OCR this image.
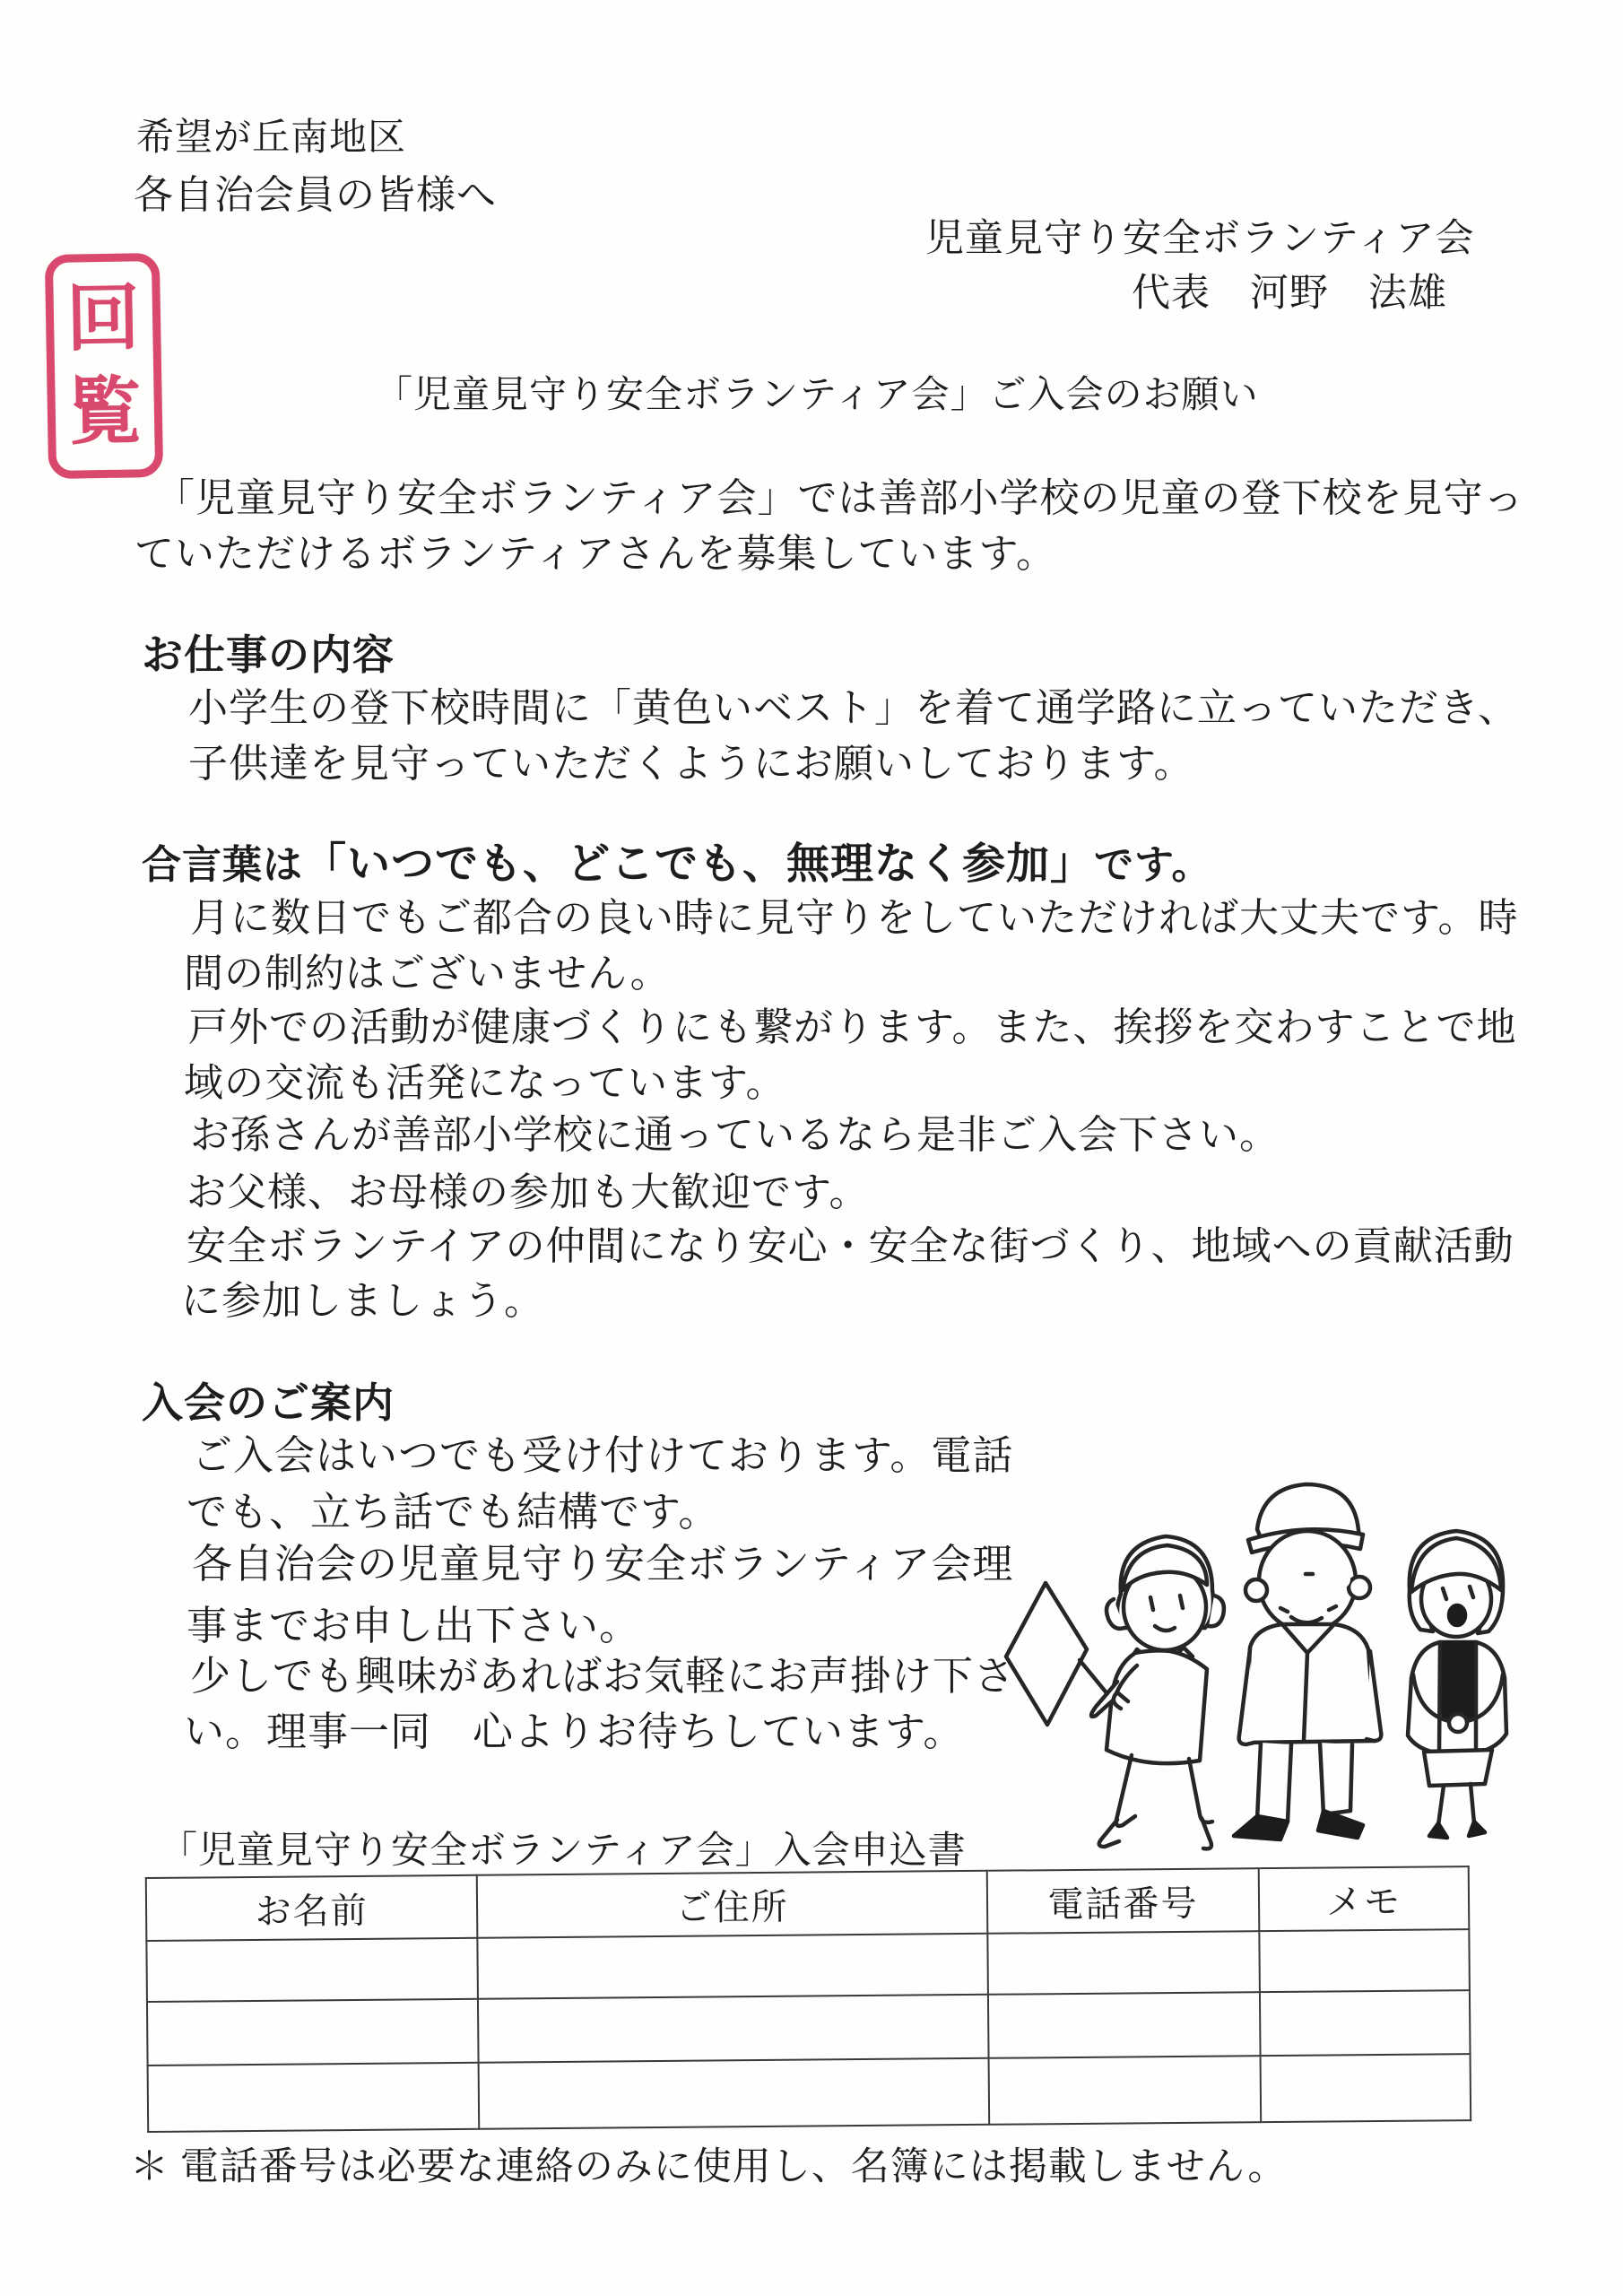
希望が丘南地区
各自治会員の皆様へ
回
覧
児童見守り安全ボランティア会
代表　河野　法雄
「児童見守り安全ボランティア会」ご入会のお願い
「児童見守り安全ボランティア会」では善部小学校の児童の登下校を見守っ
ていただけるボランティアさんを募集しています。
お仕事の内容
小学生の登下校時間に「黄色いベスト」を着て通学路に立っていただき、
子供達を見守っていただくようにお願いしております。
合言葉は「いつでも、どこでも、無理なく参加」です。
月に数日でもご都合の良い時に見守りをしていただければ大丈夫です。時
間の制約はございません。
戸外での活動が健康づくりにも繋がります。また、挨拶を交わすことで地
域の交流も活発になっています。
お孫さんが善部小学校に通っているなら是非ご入会下さい。
お父様、お母様の参加も大歓迎です。
安全ボランテイアの仲間になり安心・安全な街づくり、地域への貢献活動
に参加しましょう。
入会のご案内
ご入会はいつでも受け付けております。電話
でも、立ち話でも結構です。
各自治会の児童見守り安全ボランティア会理
事までお申し出下さい。
少しでも興味があればお気軽にお声掛け下さ
い。理事一同　心よりお待ちしています。
「児童見守り安全ボランティア会」入会申込書
お名前	ご住所	電話番号	メモ

＊ 電話番号は必要な連絡のみに使用し、名簿には掲載しません。
